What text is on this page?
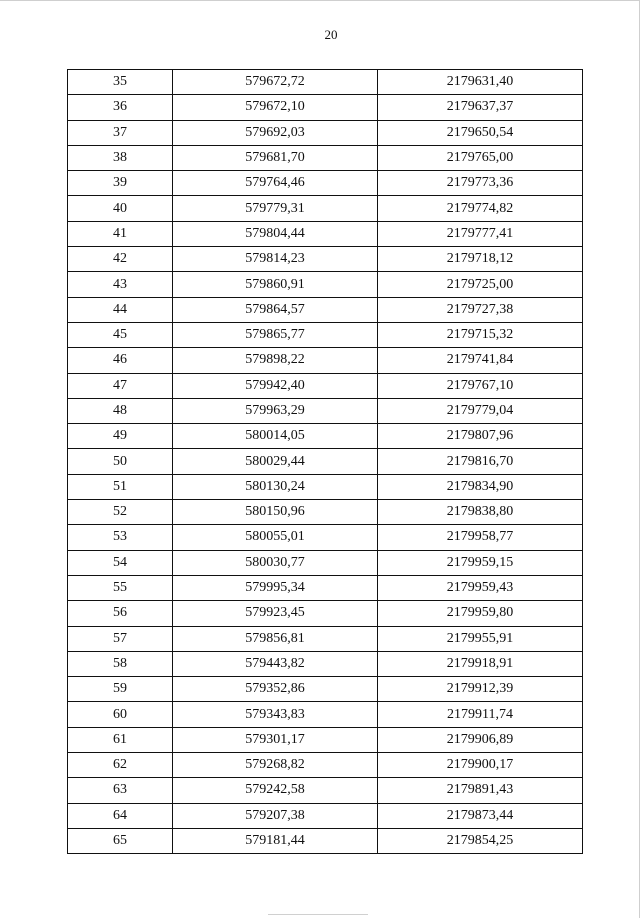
20
35	579672,72	2179631,40
36	579672,10	2179637,37
37	579692,03	2179650,54
38	579681,70	2179765,00
39	579764,46	2179773,36
40	579779,31	2179774,82
41	579804,44	2179777,41
42	579814,23	2179718,12
43	579860,91	2179725,00
44	579864,57	2179727,38
45	579865,77	2179715,32
46	579898,22	2179741,84
47	579942,40	2179767,10
48	579963,29	2179779,04
49	580014,05	2179807,96
50	580029,44	2179816,70
51	580130,24	2179834,90
52	580150,96	2179838,80
53	580055,01	2179958,77
54	580030,77	2179959,15
55	579995,34	2179959,43
56	579923,45	2179959,80
57	579856,81	2179955,91
58	579443,82	2179918,91
59	579352,86	2179912,39
60	579343,83	2179911,74
61	579301,17	2179906,89
62	579268,82	2179900,17
63	579242,58	2179891,43
64	579207,38	2179873,44
65	579181,44	2179854,25
